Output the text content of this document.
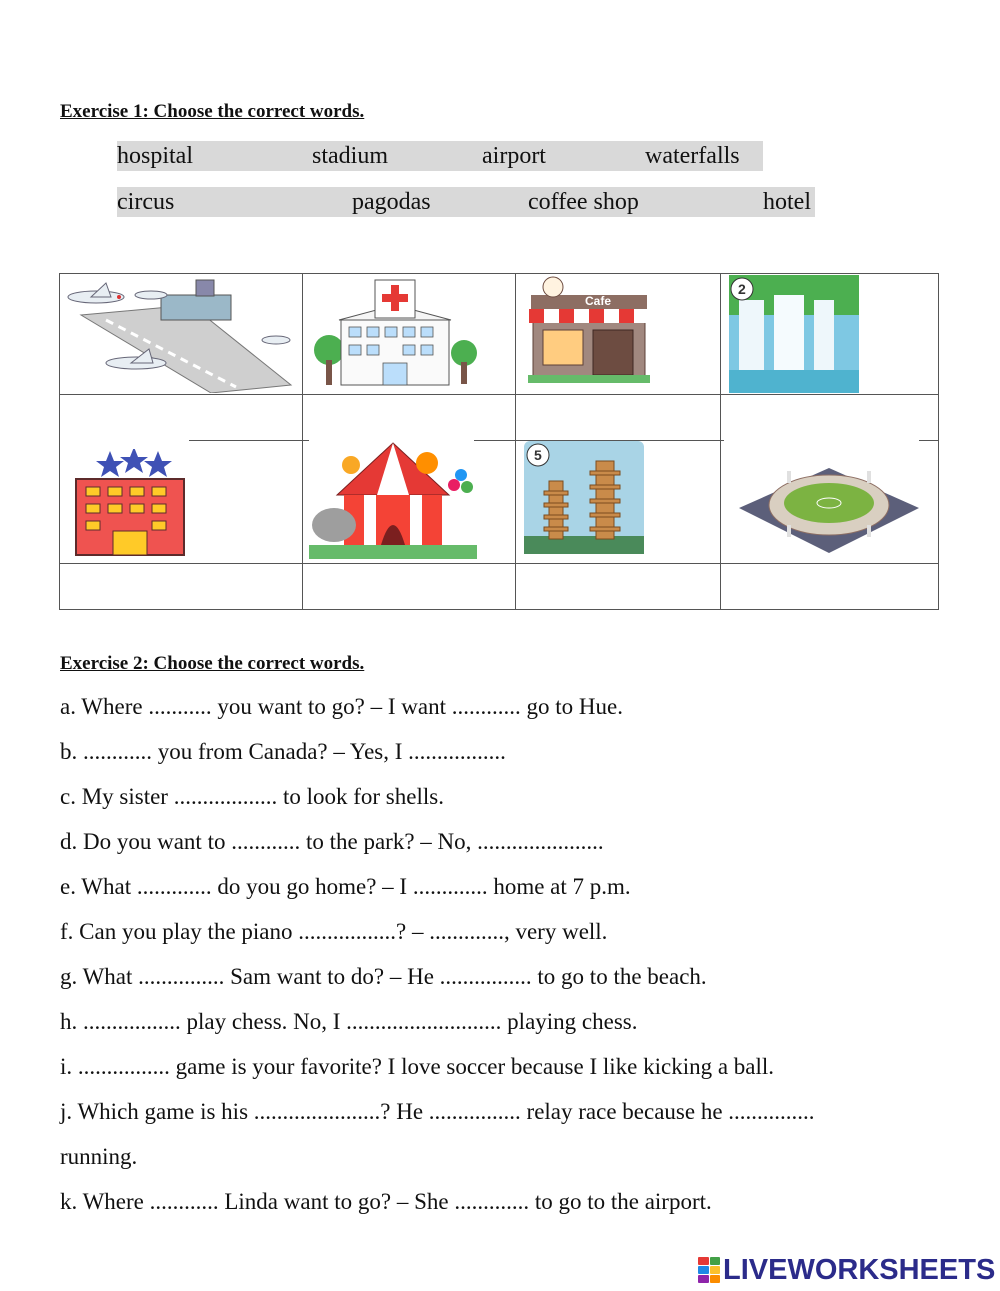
Exercise 1: Choose the correct words.
hospital	stadium	airport	waterfalls
circus	pagodas	coffee shop	hotel
Cafe
2
5
Exercise 2: Choose the correct words.
a. Where ........... you want to go? – I want ............ go to Hue.
b. ............ you from Canada? – Yes, I .................
c. My sister .................. to look for shells.
d. Do you want to ............ to the park? – No, ......................
e. What ............. do you go home? – I ............. home at 7 p.m.
f. Can you play the piano .................? – ............., very well.
g. What ............... Sam want to do? – He ................ to go to the beach.
h. ................. play chess. No, I ........................... playing chess.
i. ................ game is your favorite? I love soccer because I like kicking a ball.
j. Which game is his ......................? He ................ relay race because he ...............
running.
k. Where ............ Linda want to go? – She ............. to go to the airport.
LIVEWORKSHEETS
